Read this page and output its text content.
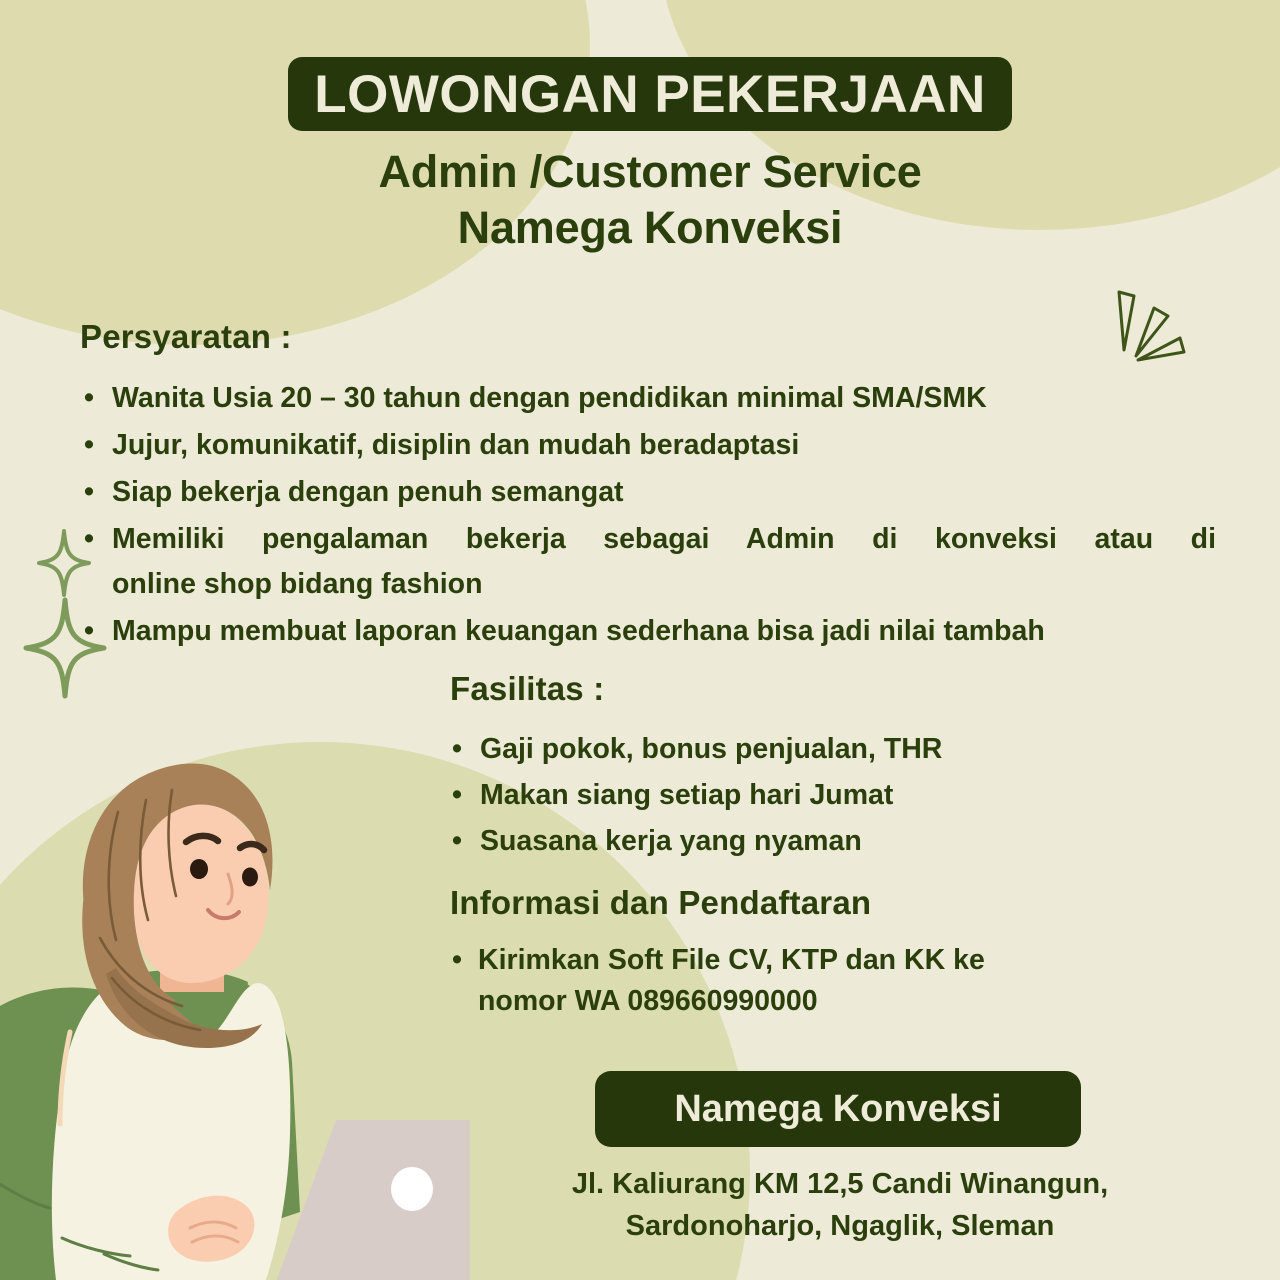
LOWONGAN PEKERJAAN
Admin /Customer Service
Namega Konveksi
Persyaratan :
• Wanita Usia 20 – 30 tahun dengan pendidikan minimal SMA/SMK
• Jujur, komunikatif, disiplin dan mudah beradaptasi
• Siap bekerja dengan penuh semangat
• Memiliki pengalaman bekerja sebagai Admin di konveksi atau di
online shop bidang fashion
• Mampu membuat laporan keuangan sederhana bisa jadi nilai tambah
Fasilitas :
• Gaji pokok, bonus penjualan, THR
• Makan siang setiap hari Jumat
• Suasana kerja yang nyaman
Informasi dan Pendaftaran
• Kirimkan Soft File CV, KTP dan KK ke
nomor WA 089660990000
Namega Konveksi
Jl. Kaliurang KM 12,5 Candi Winangun,
Sardonoharjo, Ngaglik, Sleman
